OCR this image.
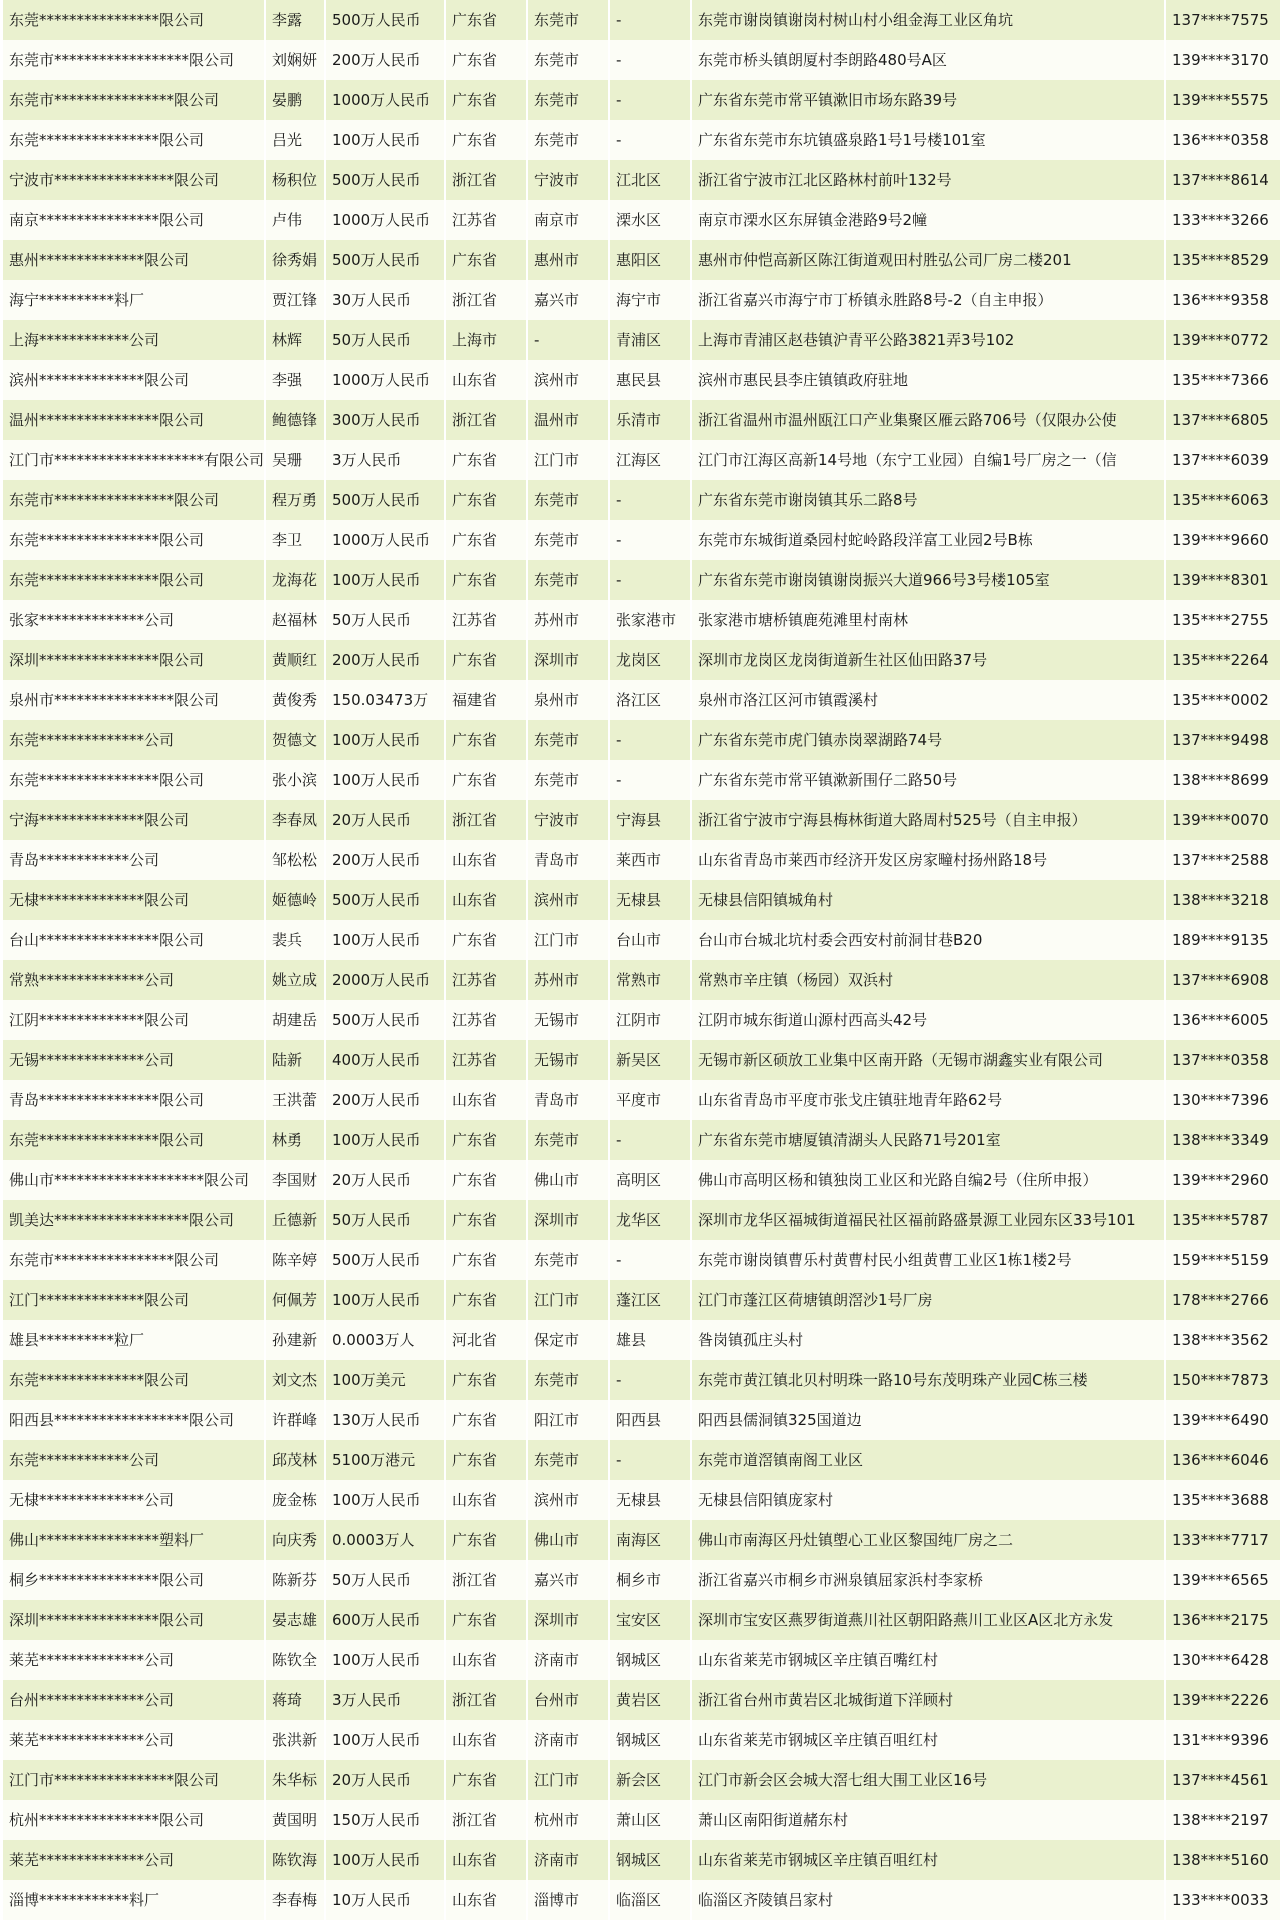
东莞****************限公司	李露	500万人民币	广东省	东莞市	-	东莞市谢岗镇谢岗村树山村小组金海工业区角坑	137****7575
东莞市******************限公司	刘娴妍	200万人民币	广东省	东莞市	-	东莞市桥头镇朗厦村李朗路480号A区	139****3170
东莞市****************限公司	晏鹏	1000万人民币	广东省	东莞市	-	广东省东莞市常平镇漱旧市场东路39号	139****5575
东莞****************限公司	吕光	100万人民币	广东省	东莞市	-	广东省东莞市东坑镇盛泉路1号1号楼101室	136****0358
宁波市****************限公司	杨积位	500万人民币	浙江省	宁波市	江北区	浙江省宁波市江北区路林村前叶132号	137****8614
南京****************限公司	卢伟	1000万人民币	江苏省	南京市	溧水区	南京市溧水区东屏镇金港路9号2幢	133****3266
惠州**************限公司	徐秀娟	500万人民币	广东省	惠州市	惠阳区	惠州市仲恺高新区陈江街道观田村胜弘公司厂房二楼201	135****8529
海宁**********料厂	贾江锋	30万人民币	浙江省	嘉兴市	海宁市	浙江省嘉兴市海宁市丁桥镇永胜路8号-2（自主申报）	136****9358
上海************公司	林辉	50万人民币	上海市	-	青浦区	上海市青浦区赵巷镇沪青平公路3821弄3号102	139****0772
滨州**************限公司	李强	1000万人民币	山东省	滨州市	惠民县	滨州市惠民县李庄镇镇政府驻地	135****7366
温州****************限公司	鲍德锋	300万人民币	浙江省	温州市	乐清市	浙江省温州市温州瓯江口产业集聚区雁云路706号（仅限办公使	137****6805
江门市********************有限公司	吴珊	3万人民币	广东省	江门市	江海区	江门市江海区高新14号地（东宁工业园）自编1号厂房之一（信	137****6039
东莞市****************限公司	程万勇	500万人民币	广东省	东莞市	-	广东省东莞市谢岗镇其乐二路8号	135****6063
东莞****************限公司	李卫	1000万人民币	广东省	东莞市	-	东莞市东城街道桑园村蛇岭路段洋富工业园2号B栋	139****9660
东莞****************限公司	龙海花	100万人民币	广东省	东莞市	-	广东省东莞市谢岗镇谢岗振兴大道966号3号楼105室	139****8301
张家**************公司	赵福林	50万人民币	江苏省	苏州市	张家港市	张家港市塘桥镇鹿苑滩里村南林	135****2755
深圳****************限公司	黄顺红	200万人民币	广东省	深圳市	龙岗区	深圳市龙岗区龙岗街道新生社区仙田路37号	135****2264
泉州市****************限公司	黄俊秀	150.03473万	福建省	泉州市	洛江区	泉州市洛江区河市镇霞溪村	135****0002
东莞**************公司	贺德文	100万人民币	广东省	东莞市	-	广东省东莞市虎门镇赤岗翠湖路74号	137****9498
东莞****************限公司	张小滨	100万人民币	广东省	东莞市	-	广东省东莞市常平镇漱新围仔二路50号	138****8699
宁海**************限公司	李春凤	20万人民币	浙江省	宁波市	宁海县	浙江省宁波市宁海县梅林街道大路周村525号（自主申报）	139****0070
青岛************公司	邹松松	200万人民币	山东省	青岛市	莱西市	山东省青岛市莱西市经济开发区房家疃村扬州路18号	137****2588
无棣**************限公司	姬德岭	500万人民币	山东省	滨州市	无棣县	无棣县信阳镇城角村	138****3218
台山****************限公司	裴兵	100万人民币	广东省	江门市	台山市	台山市台城北坑村委会西安村前洞甘巷B20	189****9135
常熟**************公司	姚立成	2000万人民币	江苏省	苏州市	常熟市	常熟市辛庄镇（杨园）双浜村	137****6908
江阴**************限公司	胡建岳	500万人民币	江苏省	无锡市	江阴市	江阴市城东街道山源村西高头42号	136****6005
无锡**************公司	陆新	400万人民币	江苏省	无锡市	新吴区	无锡市新区硕放工业集中区南开路（无锡市湖鑫实业有限公司	137****0358
青岛****************限公司	王洪蕾	200万人民币	山东省	青岛市	平度市	山东省青岛市平度市张戈庄镇驻地青年路62号	130****7396
东莞****************限公司	林勇	100万人民币	广东省	东莞市	-	广东省东莞市塘厦镇清湖头人民路71号201室	138****3349
佛山市********************限公司	李国财	20万人民币	广东省	佛山市	高明区	佛山市高明区杨和镇独岗工业区和光路自编2号（住所申报）	139****2960
凯美达******************限公司	丘德新	50万人民币	广东省	深圳市	龙华区	深圳市龙华区福城街道福民社区福前路盛景源工业园东区33号101	135****5787
东莞市****************限公司	陈辛婷	500万人民币	广东省	东莞市	-	东莞市谢岗镇曹乐村黄曹村民小组黄曹工业区1栋1楼2号	159****5159
江门**************限公司	何佩芳	100万人民币	广东省	江门市	蓬江区	江门市蓬江区荷塘镇朗滘沙1号厂房	178****2766
雄县**********粒厂	孙建新	0.0003万人	河北省	保定市	雄县	昝岗镇孤庄头村	138****3562
东莞**************限公司	刘文杰	100万美元	广东省	东莞市	-	东莞市黄江镇北贝村明珠一路10号东茂明珠产业园C栋三楼	150****7873
阳西县******************限公司	许群峰	130万人民币	广东省	阳江市	阳西县	阳西县儒洞镇325国道边	139****6490
东莞************公司	邱茂林	5100万港元	广东省	东莞市	-	东莞市道滘镇南阁工业区	136****6046
无棣**************公司	庞金栋	100万人民币	山东省	滨州市	无棣县	无棣县信阳镇庞家村	135****3688
佛山****************塑料厂	向庆秀	0.0003万人	广东省	佛山市	南海区	佛山市南海区丹灶镇塱心工业区黎国纯厂房之二	133****7717
桐乡****************限公司	陈新芬	50万人民币	浙江省	嘉兴市	桐乡市	浙江省嘉兴市桐乡市洲泉镇屈家浜村李家桥	139****6565
深圳****************限公司	晏志雄	600万人民币	广东省	深圳市	宝安区	深圳市宝安区燕罗街道燕川社区朝阳路燕川工业区A区北方永发	136****2175
莱芜**************公司	陈钦全	100万人民币	山东省	济南市	钢城区	山东省莱芜市钢城区辛庄镇百嘴红村	130****6428
台州**************公司	蒋琦	3万人民币	浙江省	台州市	黄岩区	浙江省台州市黄岩区北城街道下洋顾村	139****2226
莱芜**************公司	张洪新	100万人民币	山东省	济南市	钢城区	山东省莱芜市钢城区辛庄镇百咀红村	131****9396
江门市****************限公司	朱华标	20万人民币	广东省	江门市	新会区	江门市新会区会城大滘七组大围工业区16号	137****4561
杭州****************限公司	黄国明	150万人民币	浙江省	杭州市	萧山区	萧山区南阳街道赭东村	138****2197
莱芜**************公司	陈钦海	100万人民币	山东省	济南市	钢城区	山东省莱芜市钢城区辛庄镇百咀红村	138****5160
淄博************料厂	李春梅	10万人民币	山东省	淄博市	临淄区	临淄区齐陵镇吕家村	133****0033
